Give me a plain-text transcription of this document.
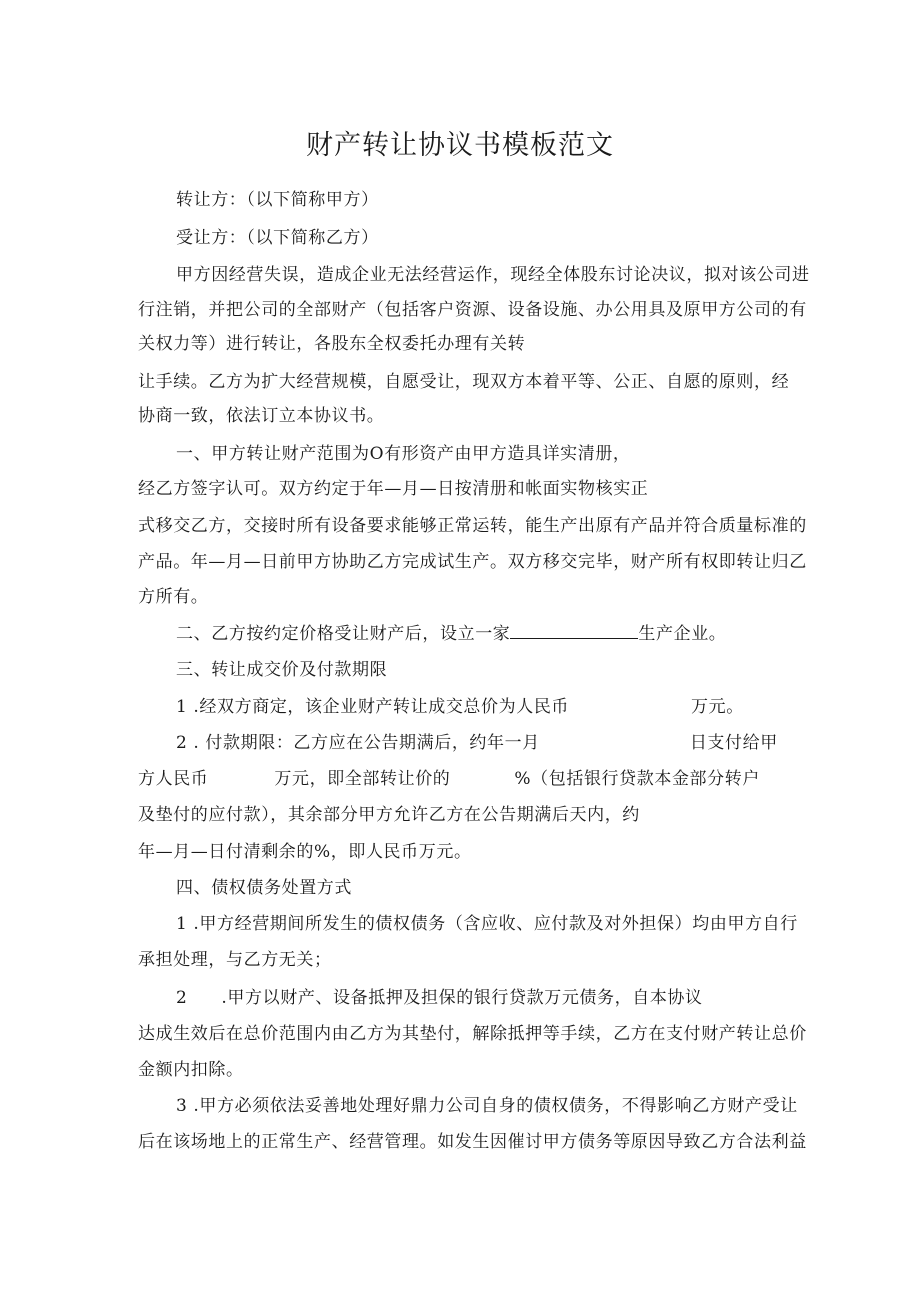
财产转让协议书模板范文
转让方：（以下简称甲方）
受让方：（以下简称乙方）
甲方因经营失误，造成企业无法经营运作，现经全体股东讨论决议，拟对该公司进
行注销，并把公司的全部财产（包括客户资源、设备设施、办公用具及原甲方公司的有
关权力等）进行转让，各股东全权委托办理有关转
让手续。乙方为扩大经营规模，自愿受让，现双方本着平等、公正、自愿的原则，经
协商一致，依法订立本协议书。
一、甲方转让财产范围为O有形资产由甲方造具详实清册，
经乙方签字认可。双方约定于年—月—日按清册和帐面实物核实正
式移交乙方，交接时所有设备要求能够正常运转，能生产出原有产品并符合质量标准的
产品。年—月—日前甲方协助乙方完成试生产。双方移交完毕，财产所有权即转让归乙
方所有。
二、乙方按约定价格受让财产后，设立一家	生产企业。
三、转让成交价及付款期限
1 .经双方商定，该企业财产转让成交总价为人民币	万元。
2 . 付款期限：乙方应在公告期满后，约年一月	日支付给甲
方人民币	万元，即全部转让价的	%（包括银行贷款本金部分转户
及垫付的应付款），其余部分甲方允许乙方在公告期满后天内，约
年—月—日付清剩余的%，即人民币万元。
四、债权债务处置方式
1 .甲方经营期间所发生的债权债务（含应收、应付款及对外担保）均由甲方自行
承担处理，与乙方无关；
2 .甲方以财产、设备抵押及担保的银行贷款万元债务，自本协议
达成生效后在总价范围内由乙方为其垫付，解除抵押等手续，乙方在支付财产转让总价
金额内扣除。
3 .甲方必须依法妥善地处理好鼎力公司自身的债权债务，不得影响乙方财产受让
后在该场地上的正常生产、经营管理。如发生因催讨甲方债务等原因导致乙方合法利益
